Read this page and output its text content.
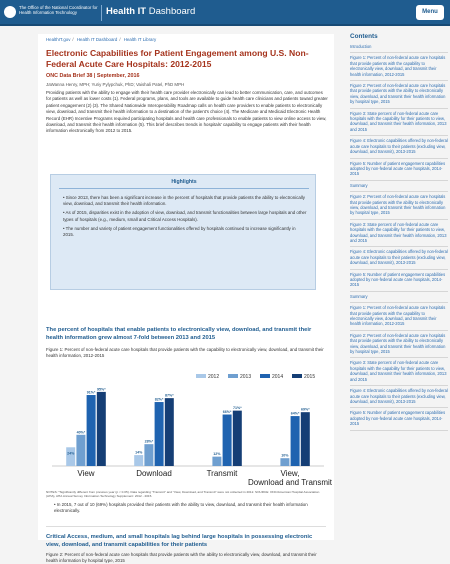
The Office of the National Coordinator for
Health Information Technology	Health IT Dashboard	Menu
HealthIT.gov / Health IT Dashboard / Health IT Library
Electronic Capabilities for Patient Engagement among U.S. Non-Federal Acute Care Hospitals: 2012-2015
ONC Data Brief 38 | September, 2016
JaWanna Henry, MPH; Yuriy Pylypchuk, PhD; Vaishali Patel, PhD MPH
Providing patients with the ability to engage with their health care provider electronically can lead to better communication, care, and outcomes for patients as well as lower costs (1). Federal programs, plans, and tools are available to guide health care clinicians and patients toward greater patient engagement (2) (3). The Shared Nationwide Interoperability Roadmap calls on health care providers to enable patients to electronically view, download, and transmit their health information to a destination of the patient's choice (4). The Medicare and Medicaid Electronic Health Record (EHR) Incentive Programs required participating hospitals and health care professionals to enable patients to view online access to view, download, and transmit their health information (5). This brief describes trends in hospitals' capability to engage patients with their health information electronically from 2012 to 2015.
Highlights
• Since 2013, there has been a significant increase in the percent of hospitals that provide patients the ability to electronically view, download, and transmit their health information.
• As of 2015, disparities exist in the adoption of view, download, and transmit functionalities between large hospitals and other types of hospitals (e.g., medium, small and Critical Access Hospitals).
• The number and variety of patient engagement functionalities offered by hospitals continued to increase significantly in 2015.
The percent of hospitals that enable patients to electronically view, download, and transmit their health information grew almost 7-fold between 2013 and 2015
Figure 1: Percent of non-federal acute care hospitals that provide patients with the capability to electronically view, download, and transmit their health information, 2012-2015
2012	2013	2014	2015
24%
40%*
91%*
95%*
View
14%
28%*
82%*
87%*
Download
12%
66%*
71%*
Transmit
10%
64%*
69%*
View,
Download and Transmit
NOTES: *Significantly different from previous year (p < 0.05). Data regarding "Transmit" and "View, Download, and Transmit" were not collected in 2012. SOURCE: ONC/American Hospital Association (AHA), AHA Annual Survey Information Technology Supplement: 2012 - 2015.
• In 2015, 7 out of 10 (69%) hospitals provided their patients with the ability to view, download, and transmit their health information electronically.
Critical Access, medium, and small hospitals lag behind large hospitals in possessing electronic view, download, and transmit capabilities for their patients
Figure 2: Percent of non-federal acute care hospitals that provide patients with the ability to electronically view, download, and transmit their health information by hospital type, 2015
Contents
Introduction
Figure 1: Percent of non-federal acute care hospitals that provide patients with the capability to electronically view, download, and transmit their health information, 2012-2015
Figure 2: Percent of non-federal acute care hospitals that provide patients with the ability to electronically view, download, and transmit their health information by hospital type, 2015
Figure 3: State percent of non-federal acute care hospitals with the capability for their patients to view, download, and transmit their health information, 2013 and 2015
Figure 4: Electronic capabilities offered by non-federal acute care hospitals to their patients (excluding view, download, and transmit), 2013-2015
Figure 5: Number of patient engagement capabilities adopted by non-federal acute care hospitals, 2014-2015
Summary
Figure 2: Percent of non-federal acute care hospitals that provide patients with the ability to electronically view, download, and transmit their health information by hospital type, 2015
Figure 3: State percent of non-federal acute care hospitals with the capability for their patients to view, download, and transmit their health information, 2013 and 2015
Figure 4: Electronic capabilities offered by non-federal acute care hospitals to their patients (excluding view, download, and transmit), 2013-2015
Figure 5: Number of patient engagement capabilities adopted by non-federal acute care hospitals, 2014-2015
Summary
Figure 1: Percent of non-federal acute care hospitals that provide patients with the capability to electronically view, download, and transmit their health information, 2012-2015
Figure 2: Percent of non-federal acute care hospitals that provide patients with the ability to electronically view, download, and transmit their health information by hospital type, 2015
Figure 3: State percent of non-federal acute care hospitals with the capability for their patients to view, download, and transmit their health information, 2013 and 2015
Figure 4: Electronic capabilities offered by non-federal acute care hospitals to their patients (excluding view, download, and transmit), 2013-2015
Figure 5: Number of patient engagement capabilities adopted by non-federal acute care hospitals, 2014-2015
